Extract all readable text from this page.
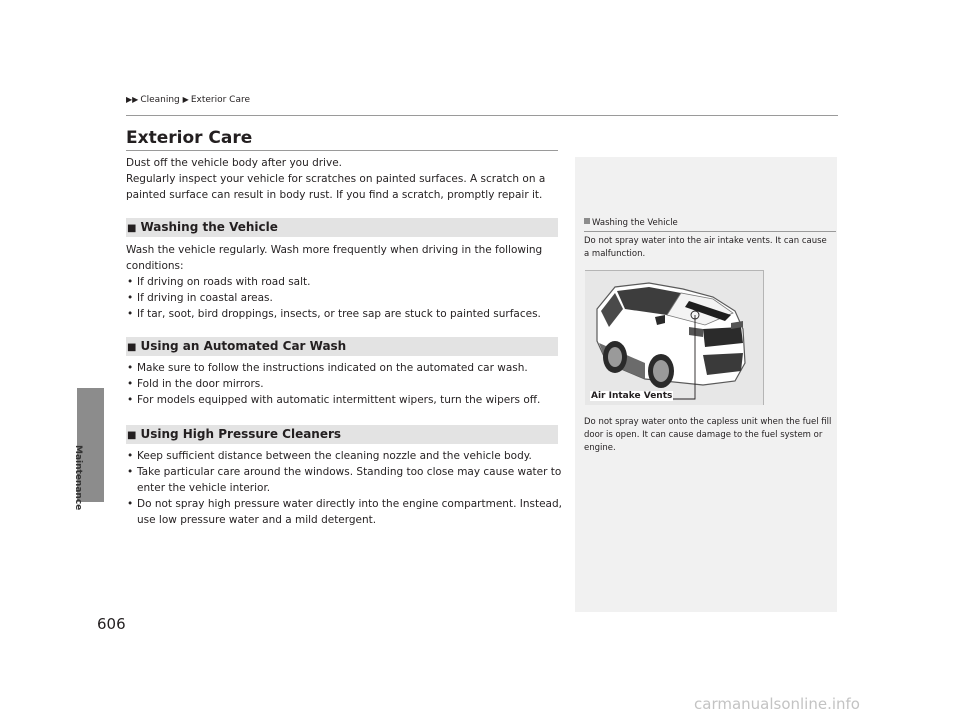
▶▶ Cleaning ▶ Exterior Care
Maintenance
Exterior Care

Dust off the vehicle body after you drive.

Regularly inspect your vehicle for scratches on painted surfaces. A scratch on a painted surface can result in body rust. If you find a scratch, promptly repair it.

■ Washing the Vehicle

Wash the vehicle regularly. Wash more frequently when driving in the following conditions:

• If driving on roads with road salt.
• If driving in coastal areas.
• If tar, soot, bird droppings, insects, or tree sap are stuck to painted surfaces.
■ Using an Automated Car Wash
• Make sure to follow the instructions indicated on the automated car wash.
• Fold in the door mirrors.
• For models equipped with automatic intermittent wipers, turn the wipers off.
■ Using High Pressure Cleaners
• Keep sufficient distance between the cleaning nozzle and the vehicle body.
• Take particular care around the windows. Standing too close may cause water to enter the vehicle interior.
• Do not spray high pressure water directly into the engine compartment. Instead, use low pressure water and a mild detergent.
Washing the Vehicle

Do not spray water into the air intake vents. It can cause a malfunction.

Air Intake Vents

Do not spray water onto the capless unit when the fuel fill door is open. It can cause damage to the fuel system or engine.

606
carmanualsonline.info
